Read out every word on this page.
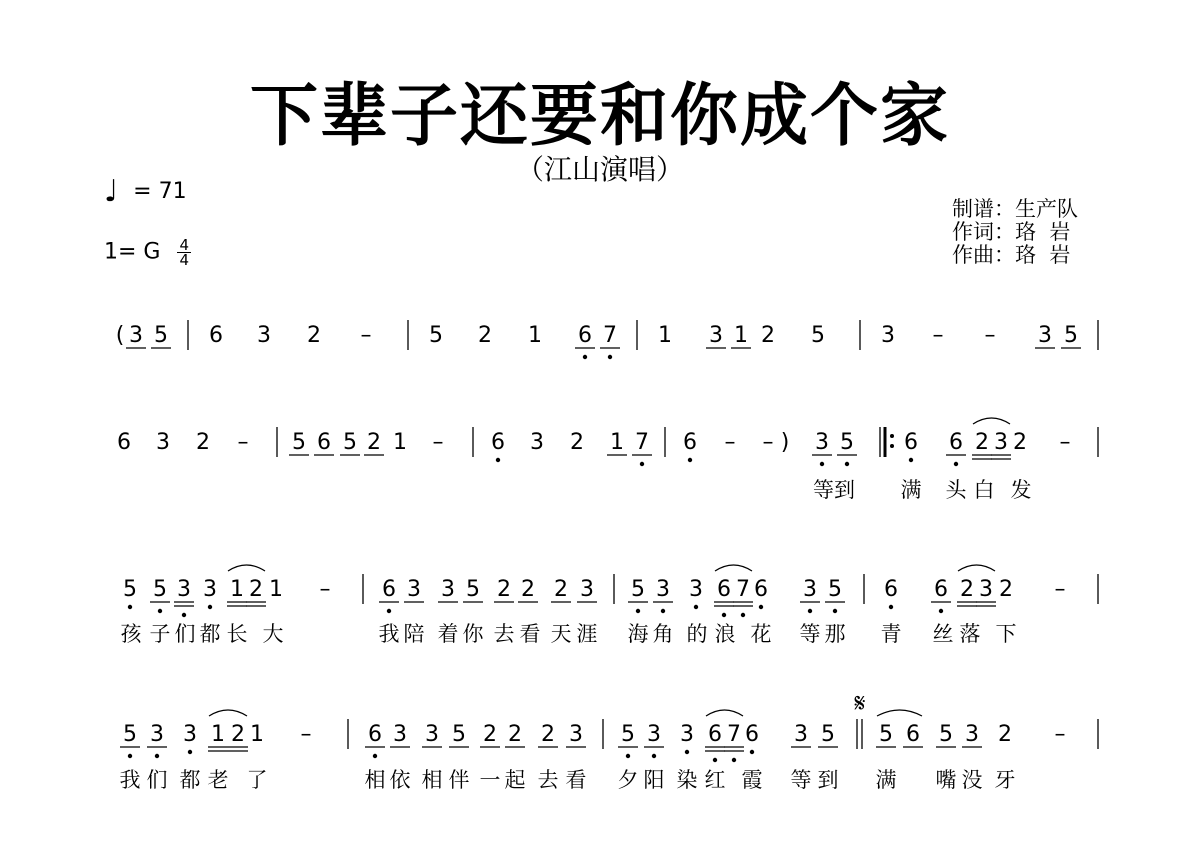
下辈子还要和你成个家
（江山演唱）
♩ = 71
1= G $\frac{4}{4}$
制谱：生产队
作词：珞  岩
作曲：珞  岩
( 3 5 6 3 2 –	5 2 1 6 7 1 3 1 2 5	3 – – 3 5
6 3 2 – 5 6 5 2 1 – 6 3 2 1 7 6 – – ) 3 5 6 6 2 3 2 –
等到 满 头 白 发
5 5 3 3 1 2 1 – 6 3 3 5 2 2 2 3 5 3 3 6 7 6 3 5 6 6 2 3 2 –
孩 子 们 都 长 大	我 陪 着 你 去 看 天 涯 海 角 的 浪 花 等 那 青 丝 落 下
5 3 3 1 2 1 –	6 3 3 5 2 2 2 3 5 3 3 6 7 6 3 5 5 6 5 3 2 –
我 们 都 老 了	相 依 相 伴 一 起 去 看 夕 阳 染 红 霞 等 到 满 嘴 没 牙
𝄋
